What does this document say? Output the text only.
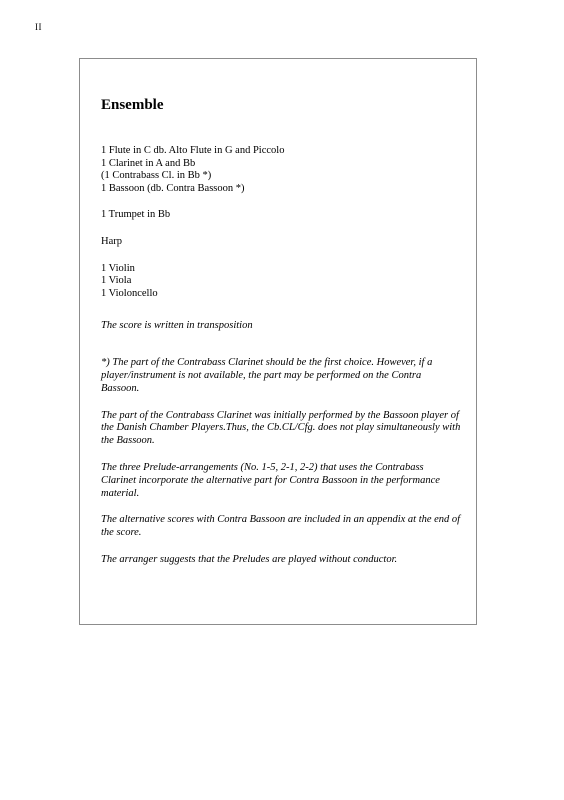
II
Ensemble
1 Flute in C db. Alto Flute in G and Piccolo
1 Clarinet in A and Bb
(1 Contrabass Cl. in Bb *)
1 Bassoon (db. Contra Bassoon *)
1 Trumpet in Bb
Harp
1 Violin
1 Viola
1 Violoncello

The score is written in transposition

*) The part of the Contrabass Clarinet should be the first choice. However, if a player/instrument is not available, the part may be performed on the Contra Bassoon.

The part of the Contrabass Clarinet was initially performed by the Bassoon player of the Danish Chamber Players.Thus, the Cb.CL/Cfg. does not play simultaneously with the Bassoon.

The three Prelude-arrangements (No. 1-5, 2-1, 2-2) that uses the Contrabass Clarinet incorporate the alternative part for Contra Bassoon in the performance material.

The alternative scores with Contra Bassoon are included in an appendix at the end of the score.

The arranger suggests that the Preludes are played without conductor.
